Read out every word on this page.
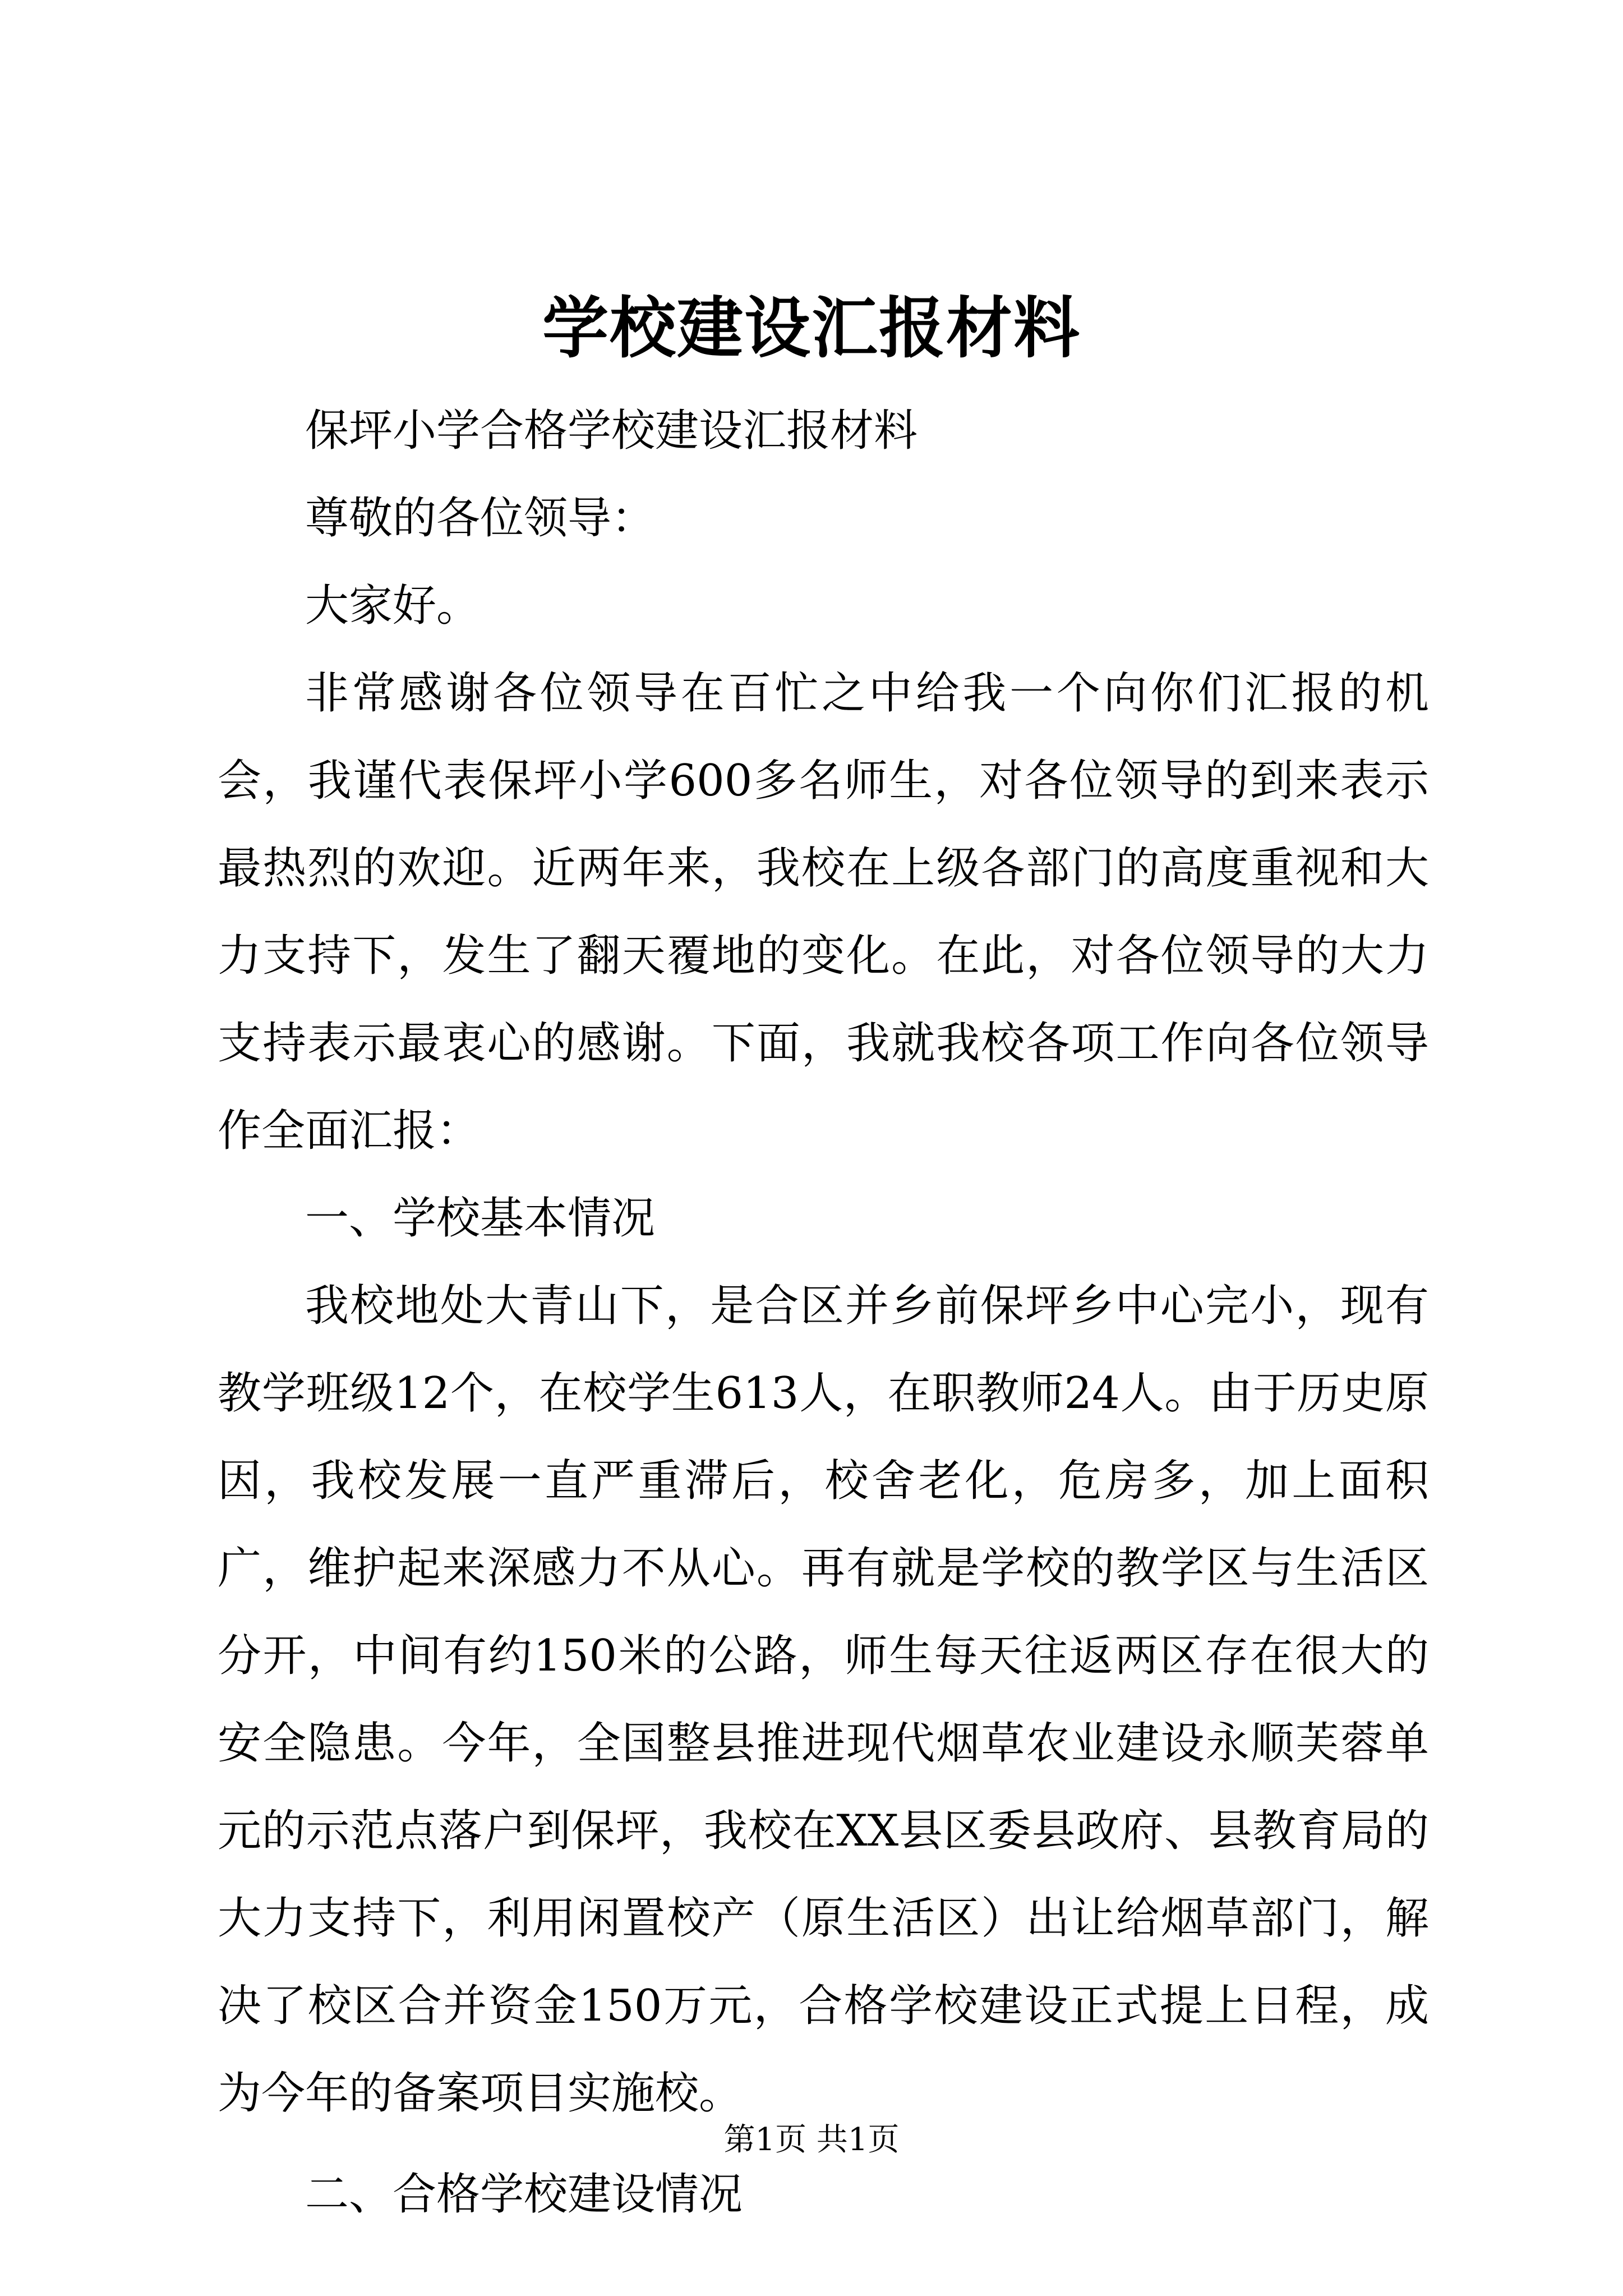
学校建设汇报材料

保坪小学合格学校建设汇报材料

尊敬的各位领导：

大家好。

非常感谢各位领导在百忙之中给我一个向你们汇报的机会，我谨代表保坪小学600多名师生，对各位领导的到来表示最热烈的欢迎。近两年来，我校在上级各部门的高度重视和大力支持下，发生了翻天覆地的变化。在此，对各位领导的大力支持表示最衷心的感谢。下面，我就我校各项工作向各位领导作全面汇报：

一、学校基本情况

我校地处大青山下，是合区并乡前保坪乡中心完小，现有教学班级12个，在校学生613人，在职教师24人。由于历史原因，我校发展一直严重滞后，校舍老化，危房多，加上面积广，维护起来深感力不从心。再有就是学校的教学区与生活区分开，中间有约150米的公路，师生每天往返两区存在很大的安全隐患。今年，全国整县推进现代烟草农业建设永顺芙蓉单元的示范点落户到保坪，我校在XX县区委县政府、县教育局的大力支持下，利用闲置校产（原生活区）出让给烟草部门，解决了校区合并资金150万元，合格学校建设正式提上日程，成为今年的备案项目实施校。

二、合格学校建设情况

第1页 共1页
